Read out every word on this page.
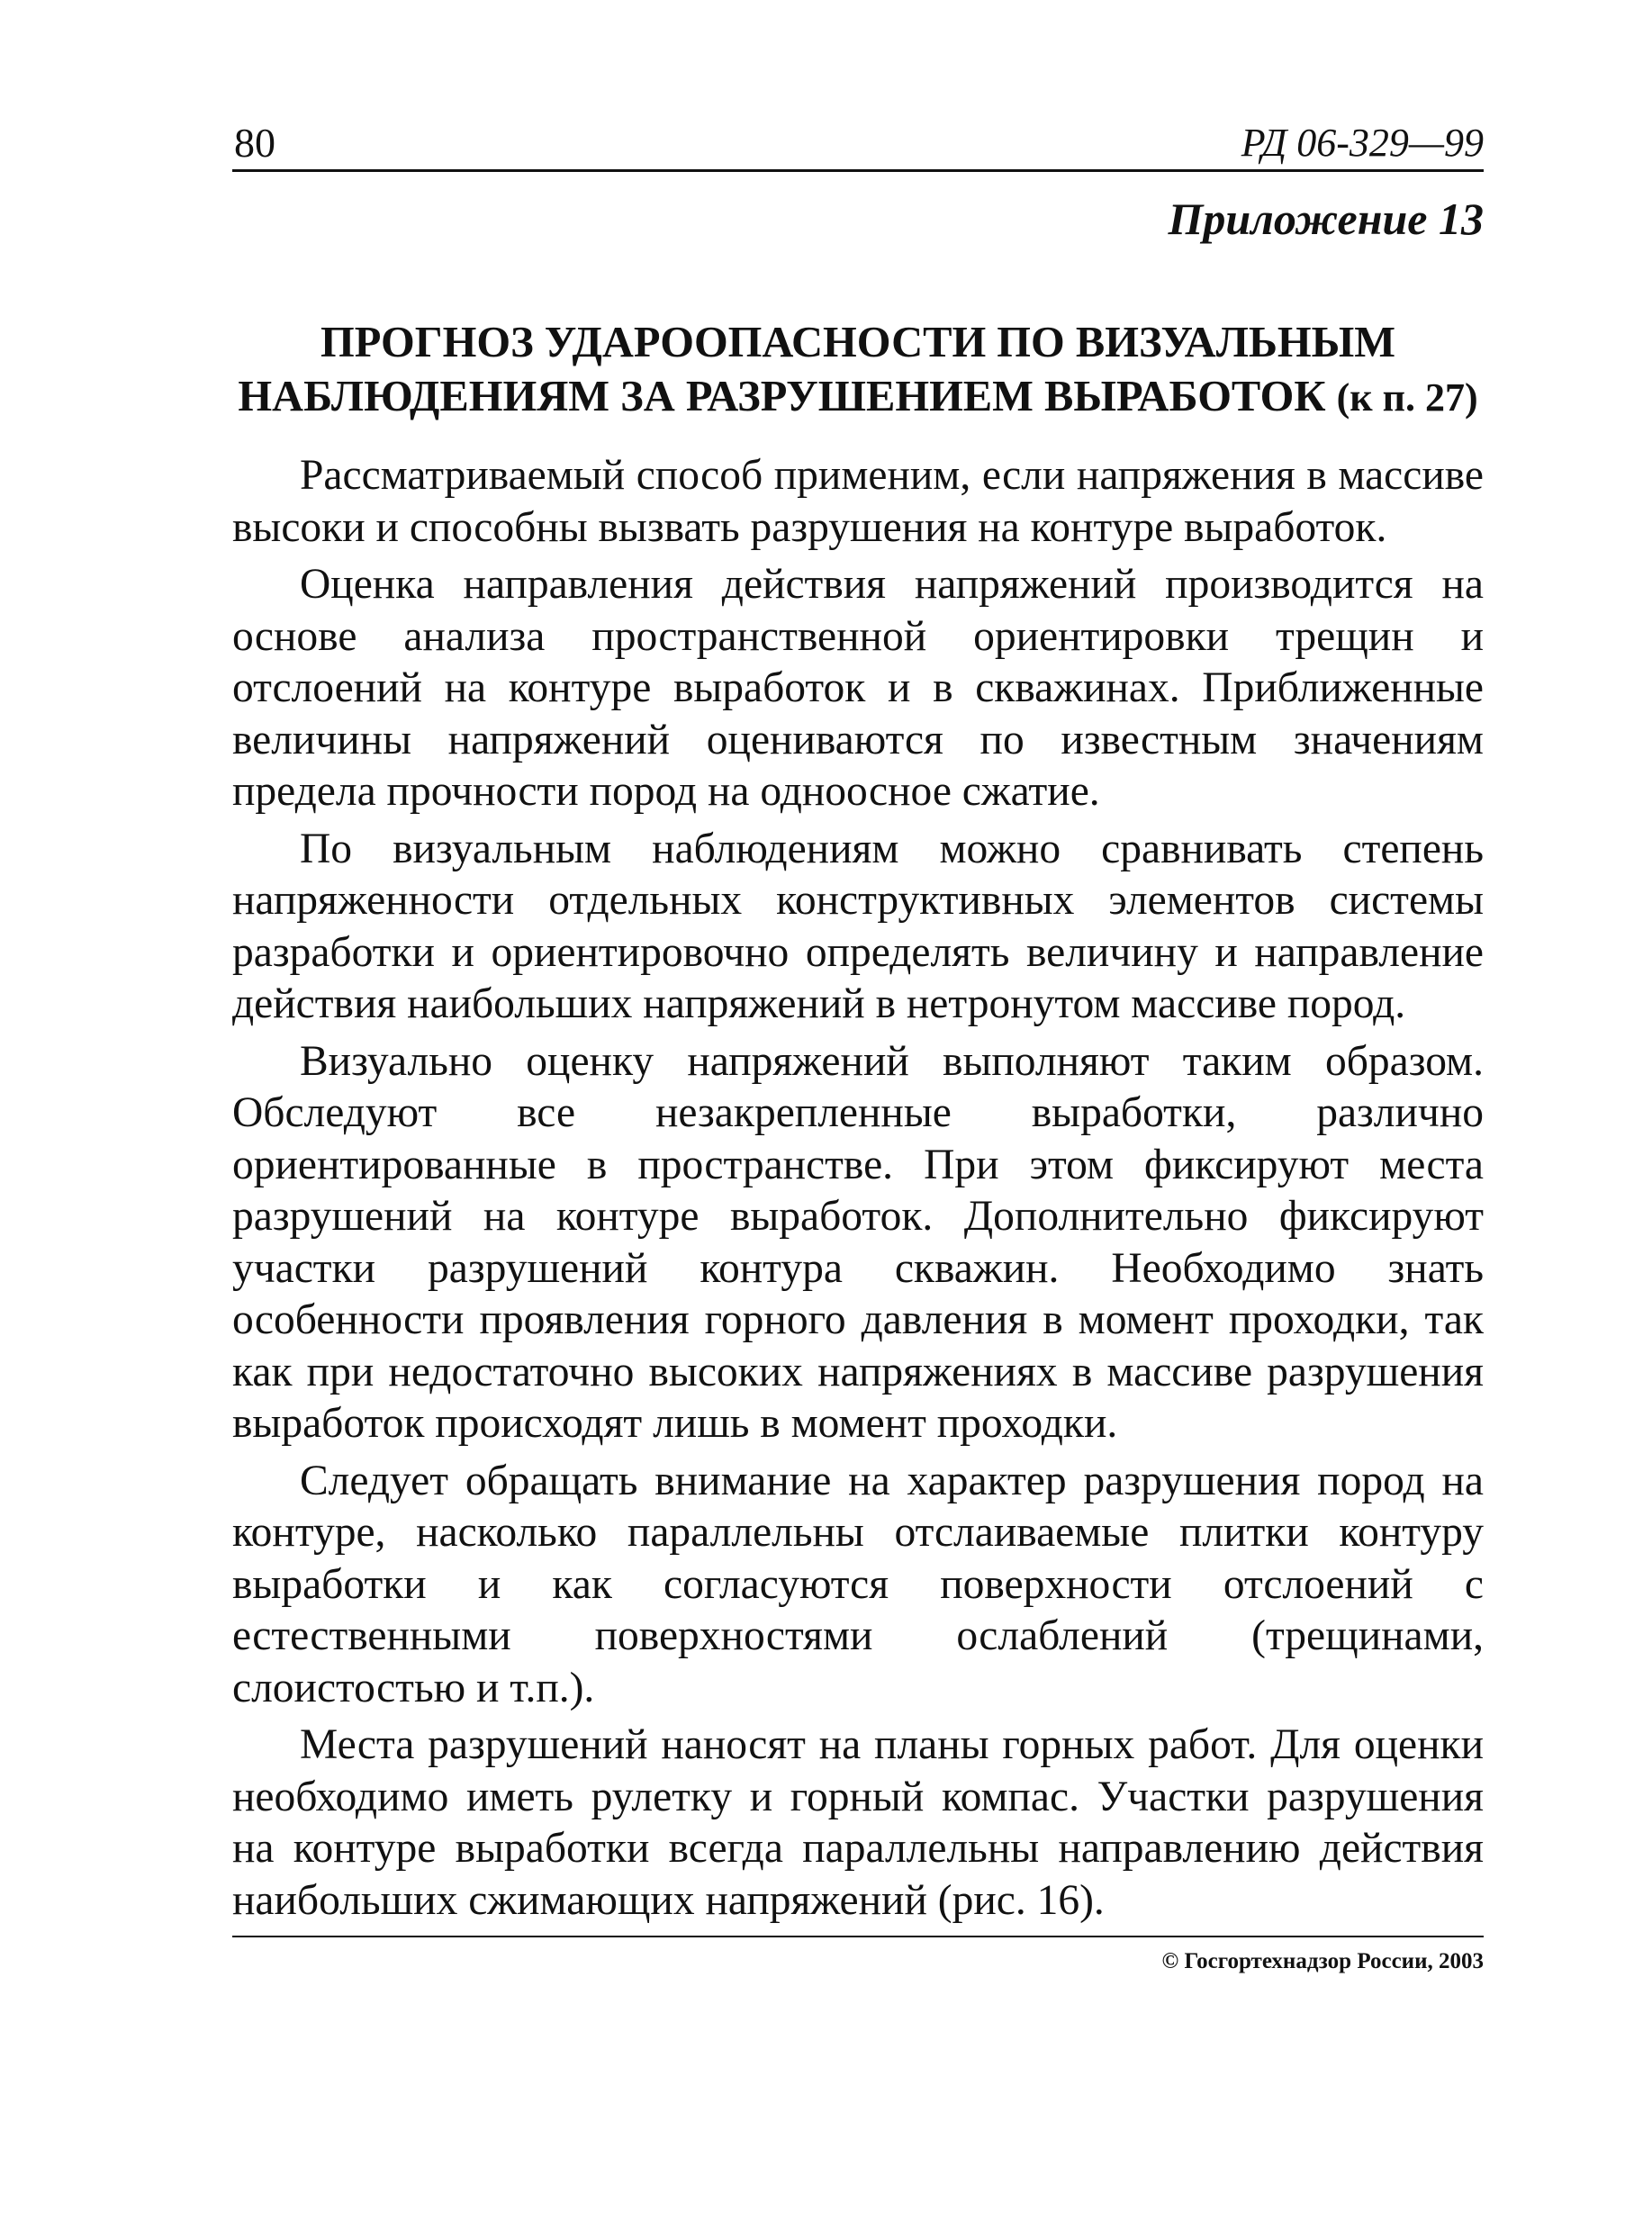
80	РД 06-329—99
Приложение 13
ПРОГНОЗ УДАРООПАСНОСТИ ПО ВИЗУАЛЬНЫМ
НАБЛЮДЕНИЯМ ЗА РАЗРУШЕНИЕМ ВЫРАБОТОК (к п. 27)

Рассматриваемый способ применим, если напряжения в массиве высоки и способны вызвать разрушения на контуре выработок.

Оценка направления действия напряжений производится на основе анализа пространственной ориентировки трещин и отслоений на контуре выработок и в скважинах. Приближенные величины напряжений оцениваются по известным значениям предела прочности пород на одноосное сжатие.

По визуальным наблюдениям можно сравнивать степень напряженности отдельных конструктивных элементов системы разработки и ориентировочно определять величину и направление действия наибольших напряжений в нетронутом массиве пород.

Визуально оценку напряжений выполняют таким образом. Обследуют все незакрепленные выработки, различно ориентированные в пространстве. При этом фиксируют места разрушений на контуре выработок. Дополнительно фиксируют участки разрушений контура скважин. Необходимо знать особенности проявления горного давления в момент проходки, так как при недостаточно высоких напряжениях в массиве разрушения выработок происходят лишь в момент проходки.

Следует обращать внимание на характер разрушения пород на контуре, насколько параллельны отслаиваемые плитки контуру выработки и как согласуются поверхности отслоений с естественными поверхностями ослаблений (трещинами, слоистостью и т.п.).

Места разрушений наносят на планы горных работ. Для оценки необходимо иметь рулетку и горный компас. Участки разрушения на контуре выработки всегда параллельны направлению действия наибольших сжимающих напряжений (рис. 16).

© Госгортехнадзор России, 2003
